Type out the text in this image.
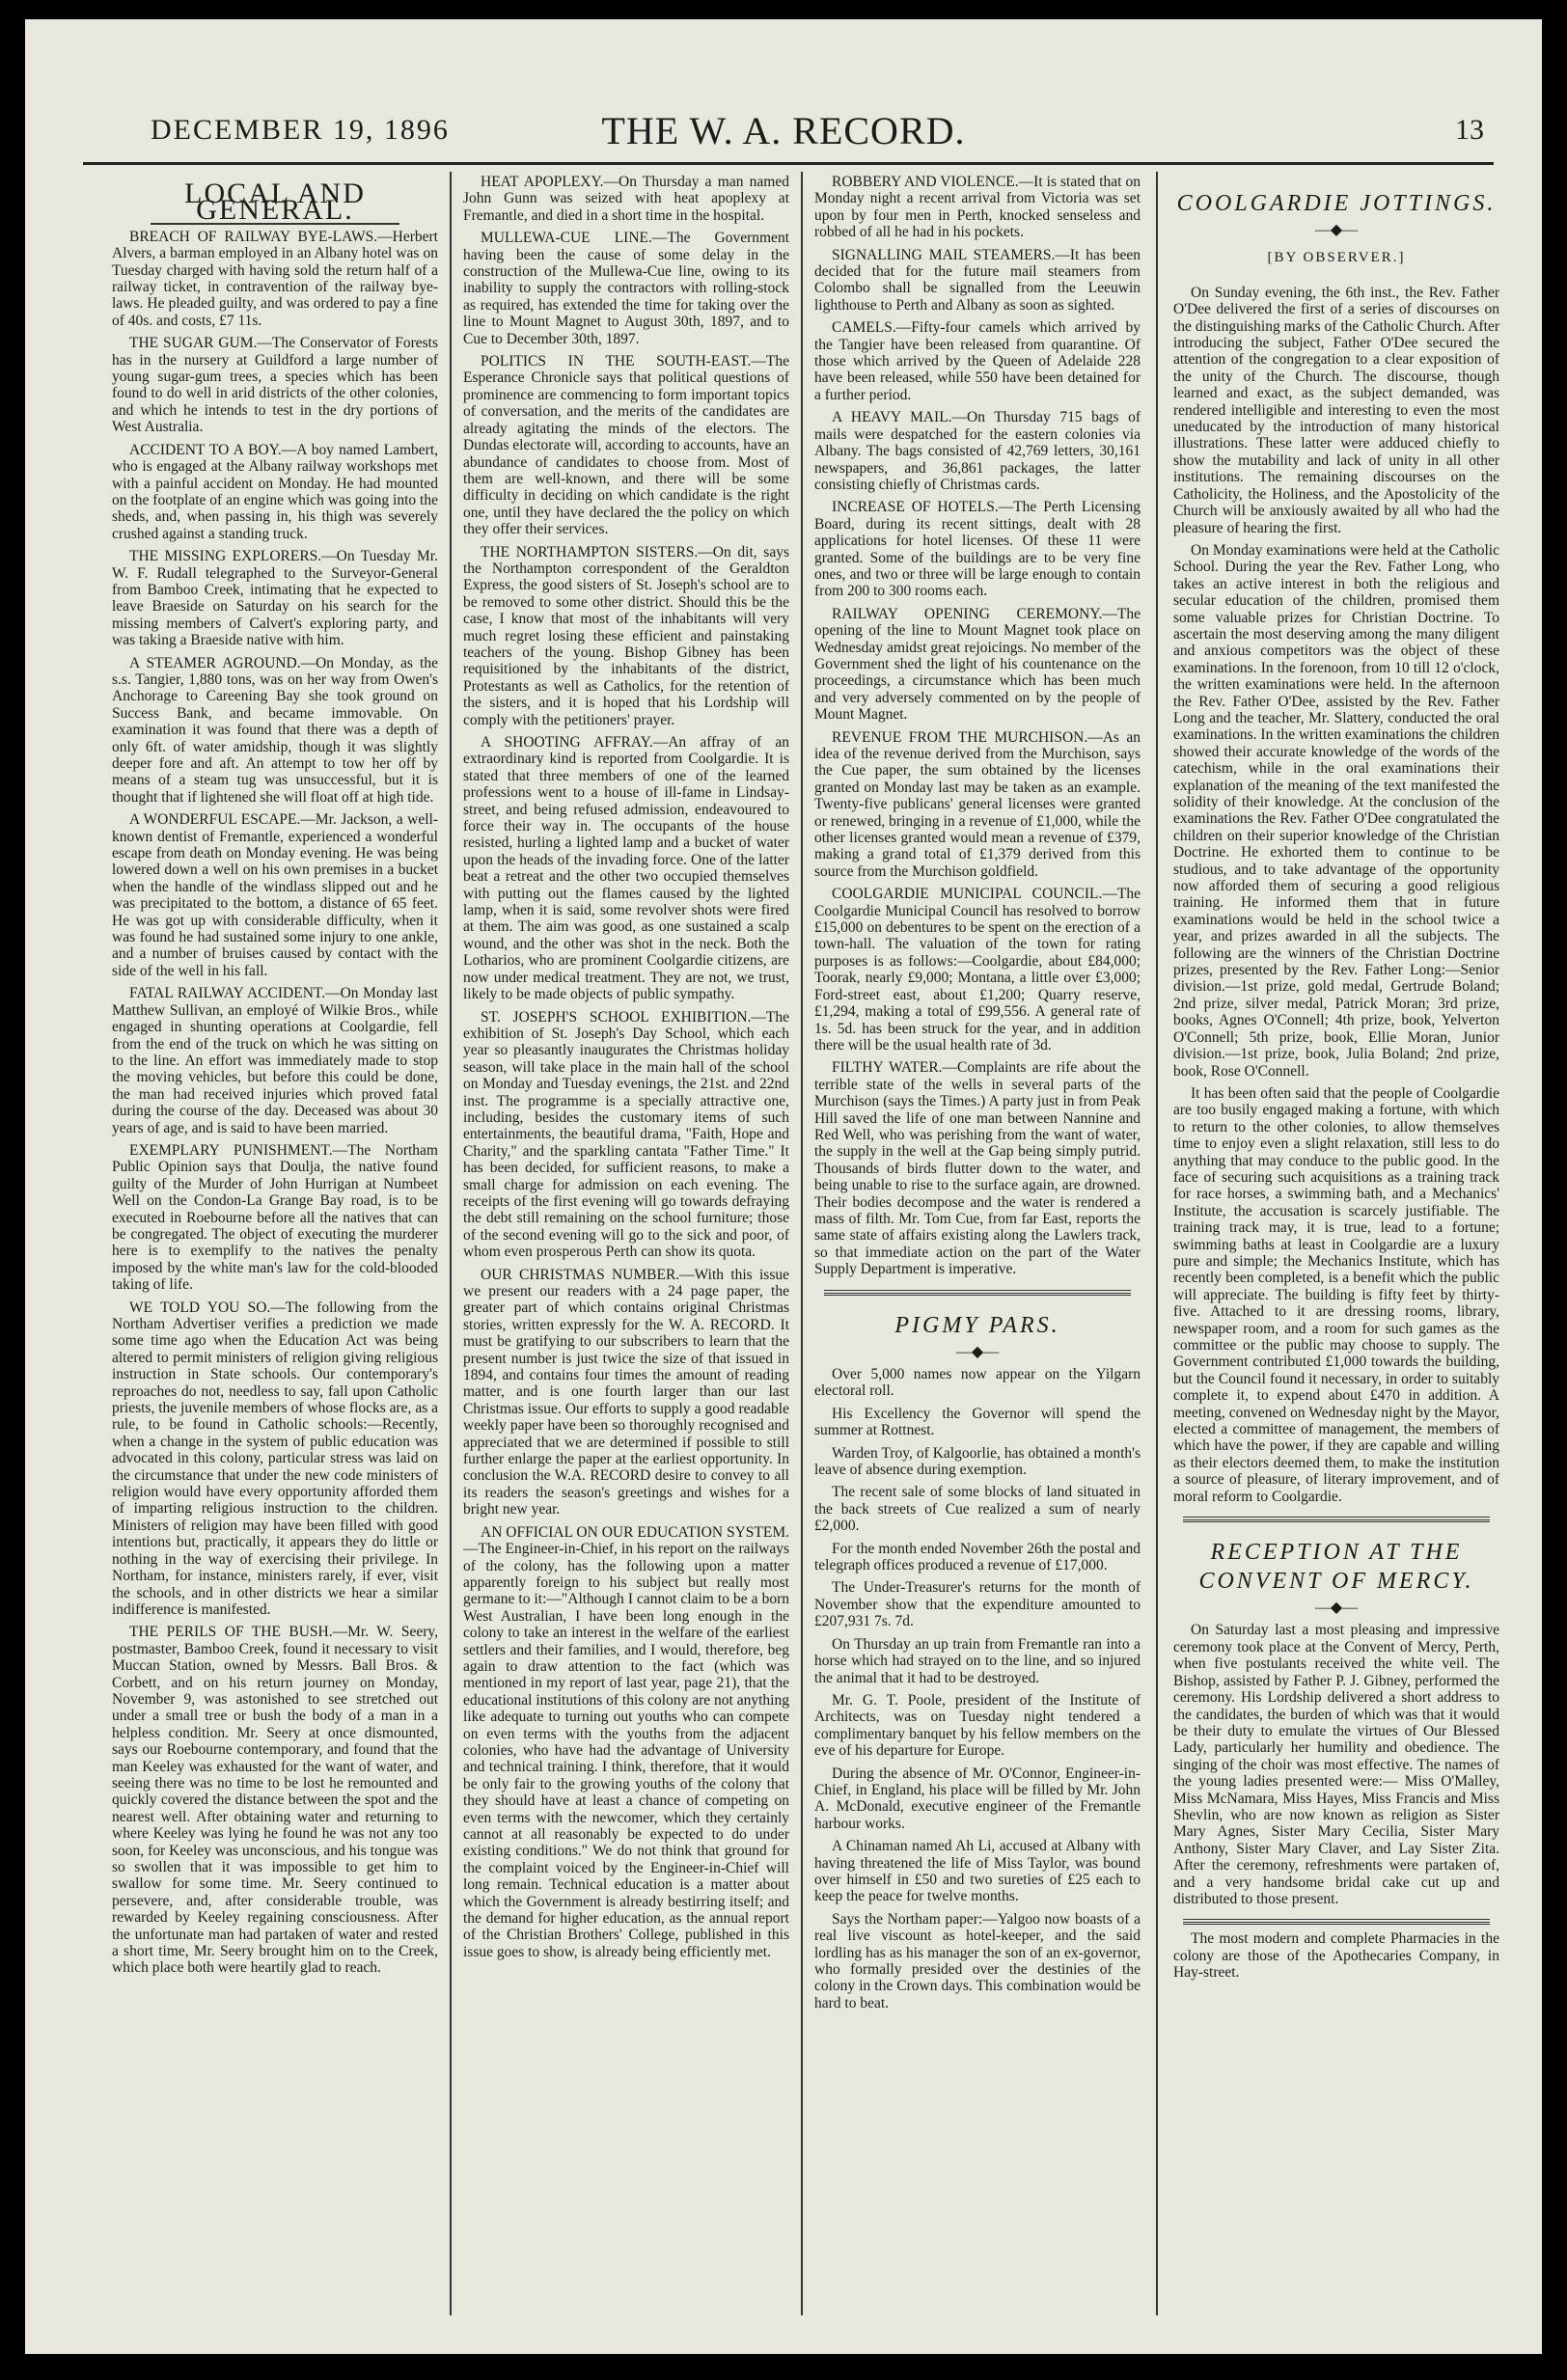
DECEMBER 19, 1896	THE W. A. RECORD.	13
LOCAL AND GENERAL.

BREACH OF RAILWAY BYE-LAWS.—Herbert Alvers, a barman employed in an Albany hotel was on Tuesday charged with having sold the return half of a railway ticket, in contravention of the railway bye-laws. He pleaded guilty, and was ordered to pay a fine of 40s. and costs, £7 11s.

THE SUGAR GUM.—The Conservator of Forests has in the nursery at Guildford a large number of young sugar-gum trees, a species which has been found to do well in arid districts of the other colonies, and which he intends to test in the dry portions of West Australia.

ACCIDENT TO A BOY.—A boy named Lambert, who is engaged at the Albany railway workshops met with a painful accident on Monday. He had mounted on the footplate of an engine which was going into the sheds, and, when passing in, his thigh was severely crushed against a standing truck.

THE MISSING EXPLORERS.—On Tuesday Mr. W. F. Rudall telegraphed to the Surveyor-General from Bamboo Creek, intimating that he expected to leave Braeside on Saturday on his search for the missing members of Calvert's exploring party, and was taking a Braeside native with him.

A STEAMER AGROUND.—On Monday, as the s.s. Tangier, 1,880 tons, was on her way from Owen's Anchorage to Careening Bay she took ground on Success Bank, and became immovable. On examination it was found that there was a depth of only 6ft. of water amidship, though it was slightly deeper fore and aft. An attempt to tow her off by means of a steam tug was unsuccessful, but it is thought that if lightened she will float off at high tide.

A WONDERFUL ESCAPE.—Mr. Jackson, a well-known dentist of Fremantle, experienced a wonderful escape from death on Monday evening. He was being lowered down a well on his own premises in a bucket when the handle of the windlass slipped out and he was precipitated to the bottom, a distance of 65 feet. He was got up with considerable difficulty, when it was found he had sustained some injury to one ankle, and a number of bruises caused by contact with the side of the well in his fall.

FATAL RAILWAY ACCIDENT.—On Monday last Matthew Sullivan, an employé of Wilkie Bros., while engaged in shunting operations at Coolgardie, fell from the end of the truck on which he was sitting on to the line. An effort was immediately made to stop the moving vehicles, but before this could be done, the man had received injuries which proved fatal during the course of the day. Deceased was about 30 years of age, and is said to have been married.

EXEMPLARY PUNISHMENT.—The Northam Public Opinion says that Doulja, the native found guilty of the Murder of John Hurrigan at Numbeet Well on the Condon-La Grange Bay road, is to be executed in Roebourne before all the natives that can be congregated. The object of executing the murderer here is to exemplify to the natives the penalty imposed by the white man's law for the cold-blooded taking of life.

WE TOLD YOU SO.—The following from the Northam Advertiser verifies a prediction we made some time ago when the Education Act was being altered to permit ministers of religion giving religious instruction in State schools. Our contemporary's reproaches do not, needless to say, fall upon Catholic priests, the juvenile members of whose flocks are, as a rule, to be found in Catholic schools:—Recently, when a change in the system of public education was advocated in this colony, particular stress was laid on the circumstance that under the new code ministers of religion would have every opportunity afforded them of imparting religious instruction to the children. Ministers of religion may have been filled with good intentions but, practically, it appears they do little or nothing in the way of exercising their privilege. In Northam, for instance, ministers rarely, if ever, visit the schools, and in other districts we hear a similar indifference is manifested.

THE PERILS OF THE BUSH.—Mr. W. Seery, postmaster, Bamboo Creek, found it necessary to visit Muccan Station, owned by Messrs. Ball Bros. & Corbett, and on his return journey on Monday, November 9, was astonished to see stretched out under a small tree or bush the body of a man in a helpless condition. Mr. Seery at once dismounted, says our Roebourne contemporary, and found that the man Keeley was exhausted for the want of water, and seeing there was no time to be lost he remounted and quickly covered the distance between the spot and the nearest well. After obtaining water and returning to where Keeley was lying he found he was not any too soon, for Keeley was unconscious, and his tongue was so swollen that it was impossible to get him to swallow for some time. Mr. Seery continued to persevere, and, after considerable trouble, was rewarded by Keeley regaining consciousness. After the unfortunate man had partaken of water and rested a short time, Mr. Seery brought him on to the Creek, which place both were heartily glad to reach.

HEAT APOPLEXY.—On Thursday a man named John Gunn was seized with heat apoplexy at Fremantle, and died in a short time in the hospital.

MULLEWA-CUE LINE.—The Government having been the cause of some delay in the construction of the Mullewa-Cue line, owing to its inability to supply the contractors with rolling-stock as required, has extended the time for taking over the line to Mount Magnet to August 30th, 1897, and to Cue to December 30th, 1897.

POLITICS IN THE SOUTH-EAST.—The Esperance Chronicle says that political questions of prominence are commencing to form important topics of conversation, and the merits of the candidates are already agitating the minds of the electors. The Dundas electorate will, according to accounts, have an abundance of candidates to choose from. Most of them are well-known, and there will be some difficulty in deciding on which candidate is the right one, until they have declared the the policy on which they offer their services.

THE NORTHAMPTON SISTERS.—On dit, says the Northampton correspondent of the Geraldton Express, the good sisters of St. Joseph's school are to be removed to some other district. Should this be the case, I know that most of the inhabitants will very much regret losing these efficient and painstaking teachers of the young. Bishop Gibney has been requisitioned by the inhabitants of the district, Protestants as well as Catholics, for the retention of the sisters, and it is hoped that his Lordship will comply with the petitioners' prayer.

A SHOOTING AFFRAY.—An affray of an extraordinary kind is reported from Coolgardie. It is stated that three members of one of the learned professions went to a house of ill-fame in Lindsay-street, and being refused admission, endeavoured to force their way in. The occupants of the house resisted, hurling a lighted lamp and a bucket of water upon the heads of the invading force. One of the latter beat a retreat and the other two occupied themselves with putting out the flames caused by the lighted lamp, when it is said, some revolver shots were fired at them. The aim was good, as one sustained a scalp wound, and the other was shot in the neck. Both the Lotharios, who are prominent Coolgardie citizens, are now under medical treatment. They are not, we trust, likely to be made objects of public sympathy.

ST. JOSEPH'S SCHOOL EXHIBITION.—The exhibition of St. Joseph's Day School, which each year so pleasantly inaugurates the Christmas holiday season, will take place in the main hall of the school on Monday and Tuesday evenings, the 21st. and 22nd inst. The programme is a specially attractive one, including, besides the customary items of such entertainments, the beautiful drama, "Faith, Hope and Charity," and the sparkling cantata "Father Time." It has been decided, for sufficient reasons, to make a small charge for admission on each evening. The receipts of the first evening will go towards defraying the debt still remaining on the school furniture; those of the second evening will go to the sick and poor, of whom even prosperous Perth can show its quota.

OUR CHRISTMAS NUMBER.—With this issue we present our readers with a 24 page paper, the greater part of which contains original Christmas stories, written expressly for the W. A. RECORD. It must be gratifying to our subscribers to learn that the present number is just twice the size of that issued in 1894, and contains four times the amount of reading matter, and is one fourth larger than our last Christmas issue. Our efforts to supply a good readable weekly paper have been so thoroughly recognised and appreciated that we are determined if possible to still further enlarge the paper at the earliest opportunity. In conclusion the W.A. RECORD desire to convey to all its readers the season's greetings and wishes for a bright new year.

AN OFFICIAL ON OUR EDUCATION SYSTEM.—The Engineer-in-Chief, in his report on the railways of the colony, has the following upon a matter apparently foreign to his subject but really most germane to it:—"Although I cannot claim to be a born West Australian, I have been long enough in the colony to take an interest in the welfare of the earliest settlers and their families, and I would, therefore, beg again to draw attention to the fact (which was mentioned in my report of last year, page 21), that the educational institutions of this colony are not anything like adequate to turning out youths who can compete on even terms with the youths from the adjacent colonies, who have had the advantage of University and technical training. I think, therefore, that it would be only fair to the growing youths of the colony that they should have at least a chance of competing on even terms with the newcomer, which they certainly cannot at all reasonably be expected to do under existing conditions." We do not think that ground for the complaint voiced by the Engineer-in-Chief will long remain. Technical education is a matter about which the Government is already bestirring itself; and the demand for higher education, as the annual report of the Christian Brothers' College, published in this issue goes to show, is already being efficiently met.

ROBBERY AND VIOLENCE.—It is stated that on Monday night a recent arrival from Victoria was set upon by four men in Perth, knocked senseless and robbed of all he had in his pockets.

SIGNALLING MAIL STEAMERS.—It has been decided that for the future mail steamers from Colombo shall be signalled from the Leeuwin lighthouse to Perth and Albany as soon as sighted.

CAMELS.—Fifty-four camels which arrived by the Tangier have been released from quarantine. Of those which arrived by the Queen of Adelaide 228 have been released, while 550 have been detained for a further period.

A HEAVY MAIL.—On Thursday 715 bags of mails were despatched for the eastern colonies via Albany. The bags consisted of 42,769 letters, 30,161 newspapers, and 36,861 packages, the latter consisting chiefly of Christmas cards.

INCREASE OF HOTELS.—The Perth Licensing Board, during its recent sittings, dealt with 28 applications for hotel licenses. Of these 11 were granted. Some of the buildings are to be very fine ones, and two or three will be large enough to contain from 200 to 300 rooms each.

RAILWAY OPENING CEREMONY.—The opening of the line to Mount Magnet took place on Wednesday amidst great rejoicings. No member of the Government shed the light of his countenance on the proceedings, a circumstance which has been much and very adversely commented on by the people of Mount Magnet.

REVENUE FROM THE MURCHISON.—As an idea of the revenue derived from the Murchison, says the Cue paper, the sum obtained by the licenses granted on Monday last may be taken as an example. Twenty-five publicans' general licenses were granted or renewed, bringing in a revenue of £1,000, while the other licenses granted would mean a revenue of £379, making a grand total of £1,379 derived from this source from the Murchison goldfield.

COOLGARDIE MUNICIPAL COUNCIL.—The Coolgardie Municipal Council has resolved to borrow £15,000 on debentures to be spent on the erection of a town-hall. The valuation of the town for rating purposes is as follows:—Coolgardie, about £84,000; Toorak, nearly £9,000; Montana, a little over £3,000; Ford-street east, about £1,200; Quarry reserve, £1,294, making a total of £99,556. A general rate of 1s. 5d. has been struck for the year, and in addition there will be the usual health rate of 3d.

FILTHY WATER.—Complaints are rife about the terrible state of the wells in several parts of the Murchison (says the Times.) A party just in from Peak Hill saved the life of one man between Nannine and Red Well, who was perishing from the want of water, the supply in the well at the Gap being simply putrid. Thousands of birds flutter down to the water, and being unable to rise to the surface again, are drowned. Their bodies decompose and the water is rendered a mass of filth. Mr. Tom Cue, from far East, reports the same state of affairs existing along the Lawlers track, so that immediate action on the part of the Water Supply Department is imperative.

PIGMY PARS.
—◆—

Over 5,000 names now appear on the Yilgarn electoral roll.

His Excellency the Governor will spend the summer at Rottnest.

Warden Troy, of Kalgoorlie, has obtained a month's leave of absence during exemption.

The recent sale of some blocks of land situated in the back streets of Cue realized a sum of nearly £2,000.

For the month ended November 26th the postal and telegraph offices produced a revenue of £17,000.

The Under-Treasurer's returns for the month of November show that the expenditure amounted to £207,931 7s. 7d.

On Thursday an up train from Fremantle ran into a horse which had strayed on to the line, and so injured the animal that it had to be destroyed.

Mr. G. T. Poole, president of the Institute of Architects, was on Tuesday night tendered a complimentary banquet by his fellow members on the eve of his departure for Europe.

During the absence of Mr. O'Connor, Engineer-in-Chief, in England, his place will be filled by Mr. John A. McDonald, executive engineer of the Fremantle harbour works.

A Chinaman named Ah Li, accused at Albany with having threatened the life of Miss Taylor, was bound over himself in £50 and two sureties of £25 each to keep the peace for twelve months.

Says the Northam paper:—Yalgoo now boasts of a real live viscount as hotel-keeper, and the said lordling has as his manager the son of an ex-governor, who formally presided over the destinies of the colony in the Crown days. This combination would be hard to beat.

COOLGARDIE JOTTINGS.
—◆—
[BY OBSERVER.]

On Sunday evening, the 6th inst., the Rev. Father O'Dee delivered the first of a series of discourses on the distinguishing marks of the Catholic Church. After introducing the subject, Father O'Dee secured the attention of the congregation to a clear exposition of the unity of the Church. The discourse, though learned and exact, as the subject demanded, was rendered intelligible and interesting to even the most uneducated by the introduction of many historical illustrations. These latter were adduced chiefly to show the mutability and lack of unity in all other institutions. The remaining discourses on the Catholicity, the Holiness, and the Apostolicity of the Church will be anxiously awaited by all who had the pleasure of hearing the first.

On Monday examinations were held at the Catholic School. During the year the Rev. Father Long, who takes an active interest in both the religious and secular education of the children, promised them some valuable prizes for Christian Doctrine. To ascertain the most deserving among the many diligent and anxious competitors was the object of these examinations. In the forenoon, from 10 till 12 o'clock, the written examinations were held. In the afternoon the Rev. Father O'Dee, assisted by the Rev. Father Long and the teacher, Mr. Slattery, conducted the oral examinations. In the written examinations the children showed their accurate knowledge of the words of the catechism, while in the oral examinations their explanation of the meaning of the text manifested the solidity of their knowledge. At the conclusion of the examinations the Rev. Father O'Dee congratulated the children on their superior knowledge of the Christian Doctrine. He exhorted them to continue to be studious, and to take advantage of the opportunity now afforded them of securing a good religious training. He informed them that in future examinations would be held in the school twice a year, and prizes awarded in all the subjects. The following are the winners of the Christian Doctrine prizes, presented by the Rev. Father Long:—Senior division.—1st prize, gold medal, Gertrude Boland; 2nd prize, silver medal, Patrick Moran; 3rd prize, books, Agnes O'Connell; 4th prize, book, Yelverton O'Connell; 5th prize, book, Ellie Moran, Junior division.—1st prize, book, Julia Boland; 2nd prize, book, Rose O'Connell.

It has been often said that the people of Coolgardie are too busily engaged making a fortune, with which to return to the other colonies, to allow themselves time to enjoy even a slight relaxation, still less to do anything that may conduce to the public good. In the face of securing such acquisitions as a training track for race horses, a swimming bath, and a Mechanics' Institute, the accusation is scarcely justifiable. The training track may, it is true, lead to a fortune; swimming baths at least in Coolgardie are a luxury pure and simple; the Mechanics Institute, which has recently been completed, is a benefit which the public will appreciate. The building is fifty feet by thirty-five. Attached to it are dressing rooms, library, newspaper room, and a room for such games as the committee or the public may choose to supply. The Government contributed £1,000 towards the building, but the Council found it necessary, in order to suitably complete it, to expend about £470 in addition. A meeting, convened on Wednesday night by the Mayor, elected a committee of management, the members of which have the power, if they are capable and willing as their electors deemed them, to make the institution a source of pleasure, of literary improvement, and of moral reform to Coolgardie.

RECEPTION AT THE CONVENT OF MERCY.
—◆—

On Saturday last a most pleasing and impressive ceremony took place at the Convent of Mercy, Perth, when five postulants received the white veil. The Bishop, assisted by Father P. J. Gibney, performed the ceremony. His Lordship delivered a short address to the candidates, the burden of which was that it would be their duty to emulate the virtues of Our Blessed Lady, particularly her humility and obedience. The singing of the choir was most effective. The names of the young ladies presented were:— Miss O'Malley, Miss McNamara, Miss Hayes, Miss Francis and Miss Shevlin, who are now known as religion as Sister Mary Agnes, Sister Mary Cecilia, Sister Mary Anthony, Sister Mary Claver, and Lay Sister Zita. After the ceremony, refreshments were partaken of, and a very handsome bridal cake cut up and distributed to those present.

The most modern and complete Pharmacies in the colony are those of the Apothecaries Company, in Hay-street.
